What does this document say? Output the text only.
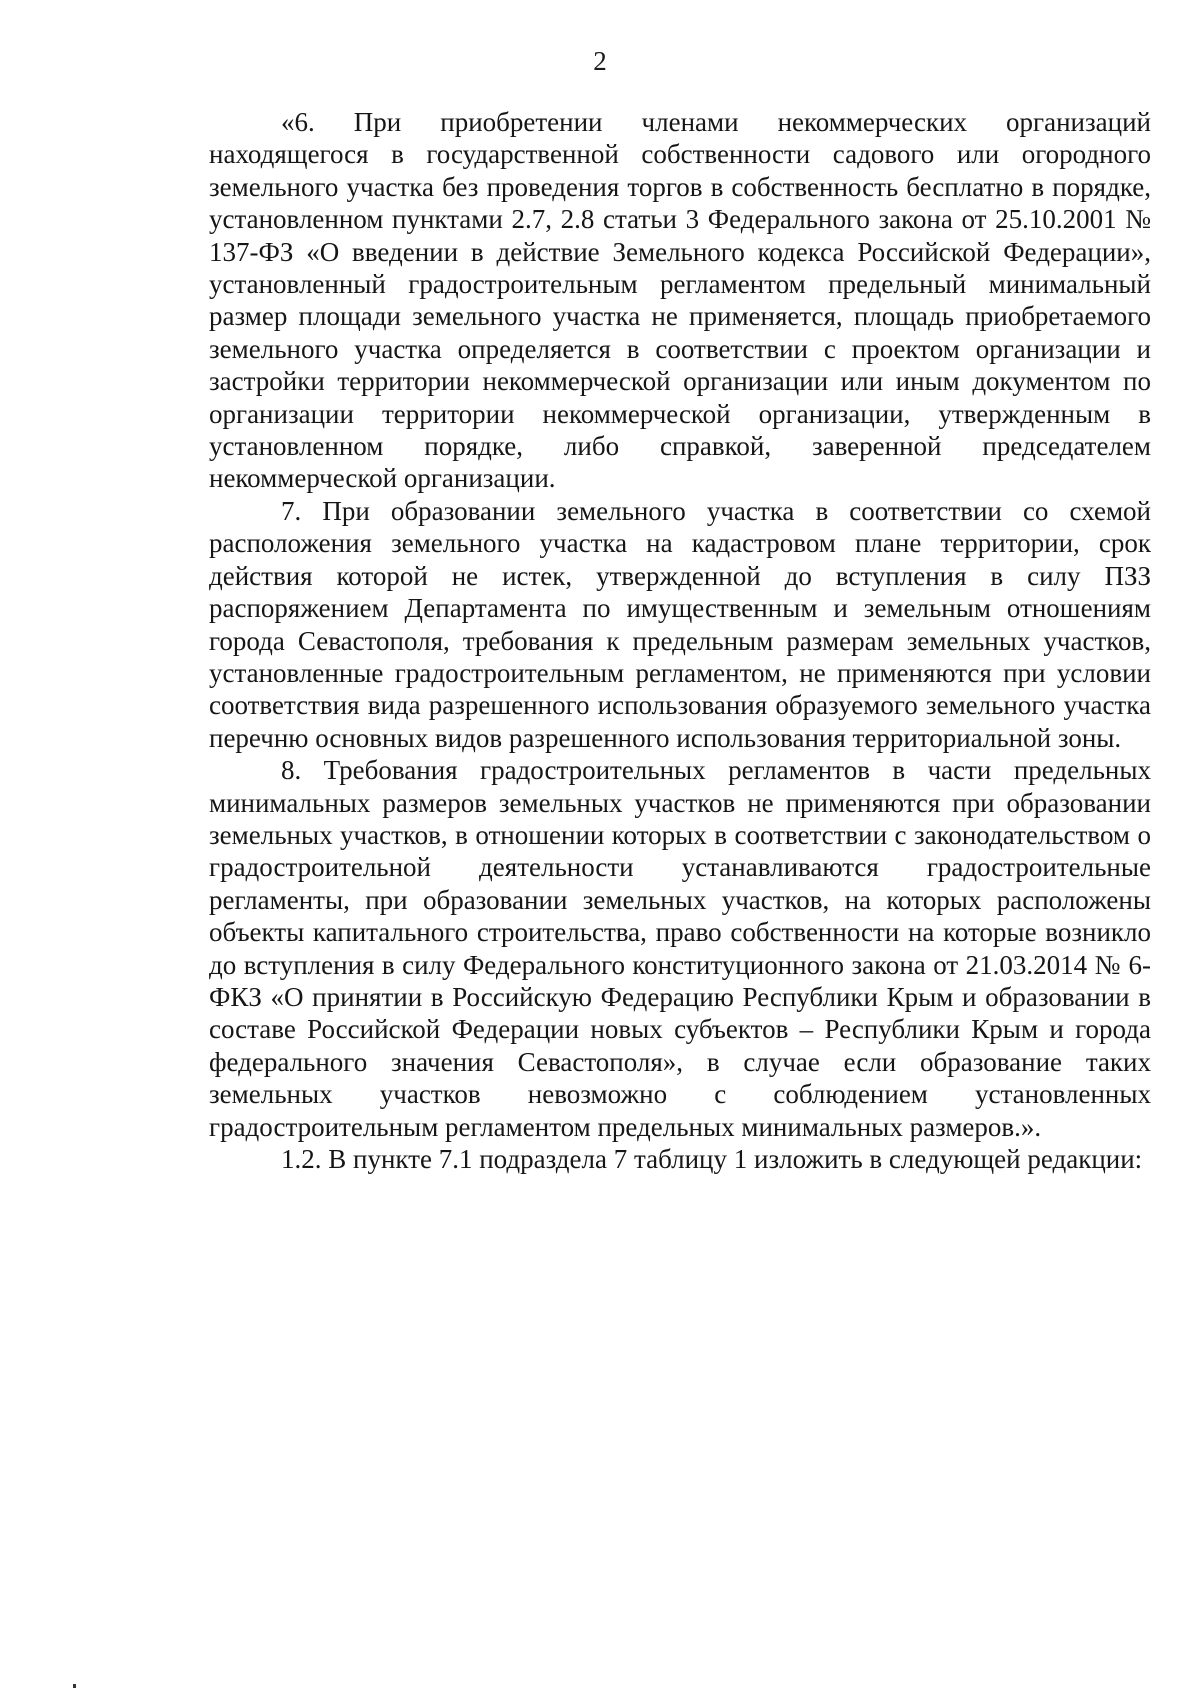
2

«6. При приобретении членами некоммерческих организаций находящегося в государственной собственности садового или огородного земельного участка без проведения торгов в собственность бесплатно в порядке, установленном пунктами 2.7, 2.8 статьи 3 Федерального закона от 25.10.2001 № 137-ФЗ «О введении в действие Земельного кодекса Российской Федерации», установленный градостроительным регламентом предельный минимальный размер площади земельного участка не применяется, площадь приобретаемого земельного участка определяется в соответствии с проектом организации и застройки территории некоммерческой организации или иным документом по организации территории некоммерческой организации, утвержденным в установленном порядке, либо справкой, заверенной председателем некоммерческой организации.

7. При образовании земельного участка в соответствии со схемой расположения земельного участка на кадастровом плане территории, срок действия которой не истек, утвержденной до вступления в силу ПЗЗ распоряжением Департамента по имущественным и земельным отношениям города Севастополя, требования к предельным размерам земельных участков, установленные градостроительным регламентом, не применяются при условии соответствия вида разрешенного использования образуемого земельного участка перечню основных видов разрешенного использования территориальной зоны.

8. Требования градостроительных регламентов в части предельных минимальных размеров земельных участков не применяются при образовании земельных участков, в отношении которых в соответствии с законодательством о градостроительной деятельности устанавливаются градостроительные регламенты, при образовании земельных участков, на которых расположены объекты капитального строительства, право собственности на которые возникло до вступления в силу Федерального конституционного закона от 21.03.2014 № 6-ФКЗ «О принятии в Российскую Федерацию Республики Крым и образовании в составе Российской Федерации новых субъектов – Республики Крым и города федерального значения Севастополя», в случае если образование таких земельных участков невозможно с соблюдением установленных градостроительным регламентом предельных минимальных размеров.».

1.2. В пункте 7.1 подраздела 7 таблицу 1 изложить в следующей редакции:
